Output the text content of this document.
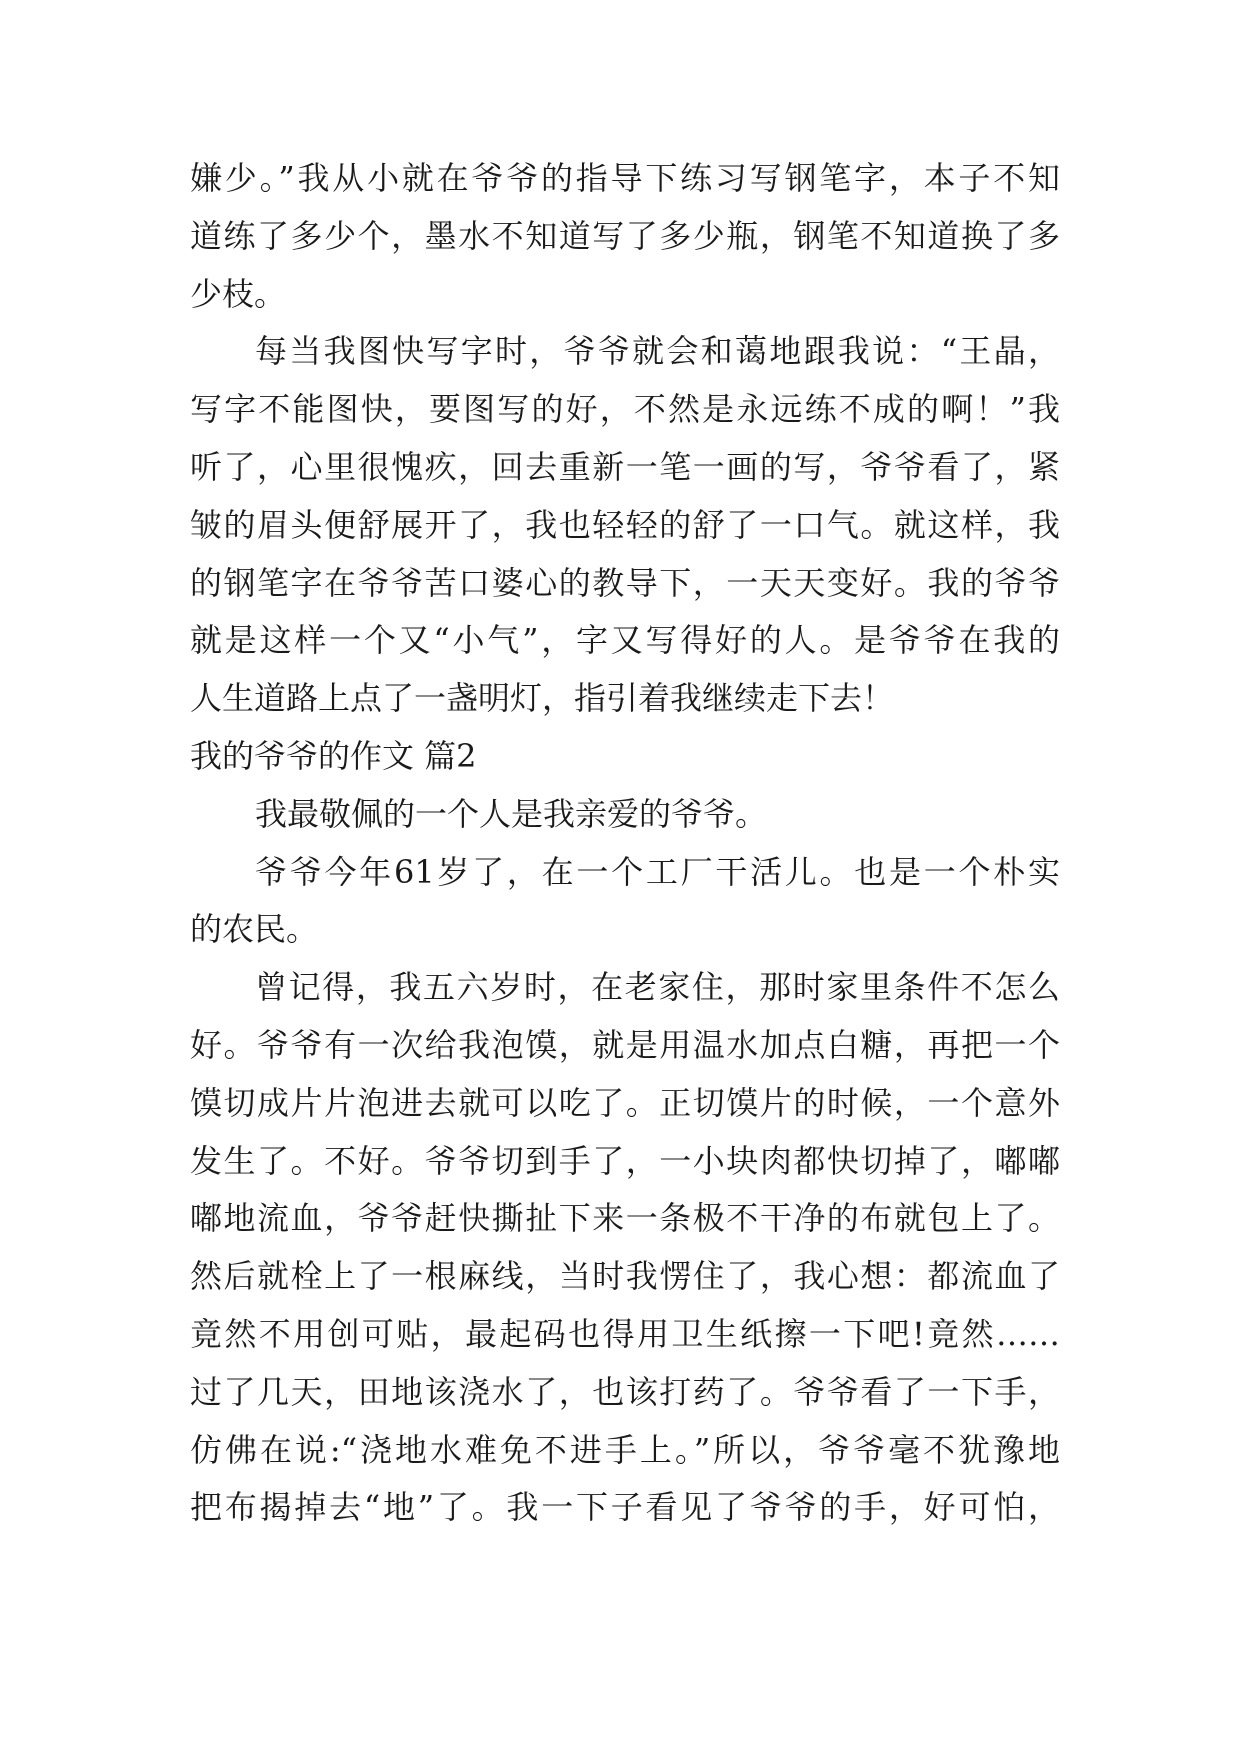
嫌少。”我从小就在爷爷的指导下练习写钢笔字，本子不知
道练了多少个，墨水不知道写了多少瓶，钢笔不知道换了多
少枝。
每当我图快写字时，爷爷就会和蔼地跟我说：“王晶，
写字不能图快，要图写的好，不然是永远练不成的啊！”我
听了，心里很愧疚，回去重新一笔一画的写，爷爷看了，紧
皱的眉头便舒展开了，我也轻轻的舒了一口气。就这样，我
的钢笔字在爷爷苦口婆心的教导下，一天天变好。我的爷爷
就是这样一个又“小气”，字又写得好的人。是爷爷在我的
人生道路上点了一盏明灯，指引着我继续走下去！
我的爷爷的作文 篇2
我最敬佩的一个人是我亲爱的爷爷。
爷爷今年61岁了，在一个工厂干活儿。也是一个朴实
的农民。
曾记得，我五六岁时，在老家住，那时家里条件不怎么
好。爷爷有一次给我泡馍，就是用温水加点白糖，再把一个
馍切成片片泡进去就可以吃了。正切馍片的时候，一个意外
发生了。不好。爷爷切到手了，一小块肉都快切掉了，嘟嘟
嘟地流血，爷爷赶快撕扯下来一条极不干净的布就包上了。
然后就栓上了一根麻线，当时我愣住了，我心想：都流血了
竟然不用创可贴，最起码也得用卫生纸擦一下吧!竟然……
过了几天，田地该浇水了，也该打药了。爷爷看了一下手，
仿佛在说:“浇地水难免不进手上。”所以，爷爷毫不犹豫地
把布揭掉去“地”了。我一下子看见了爷爷的手，好可怕，
